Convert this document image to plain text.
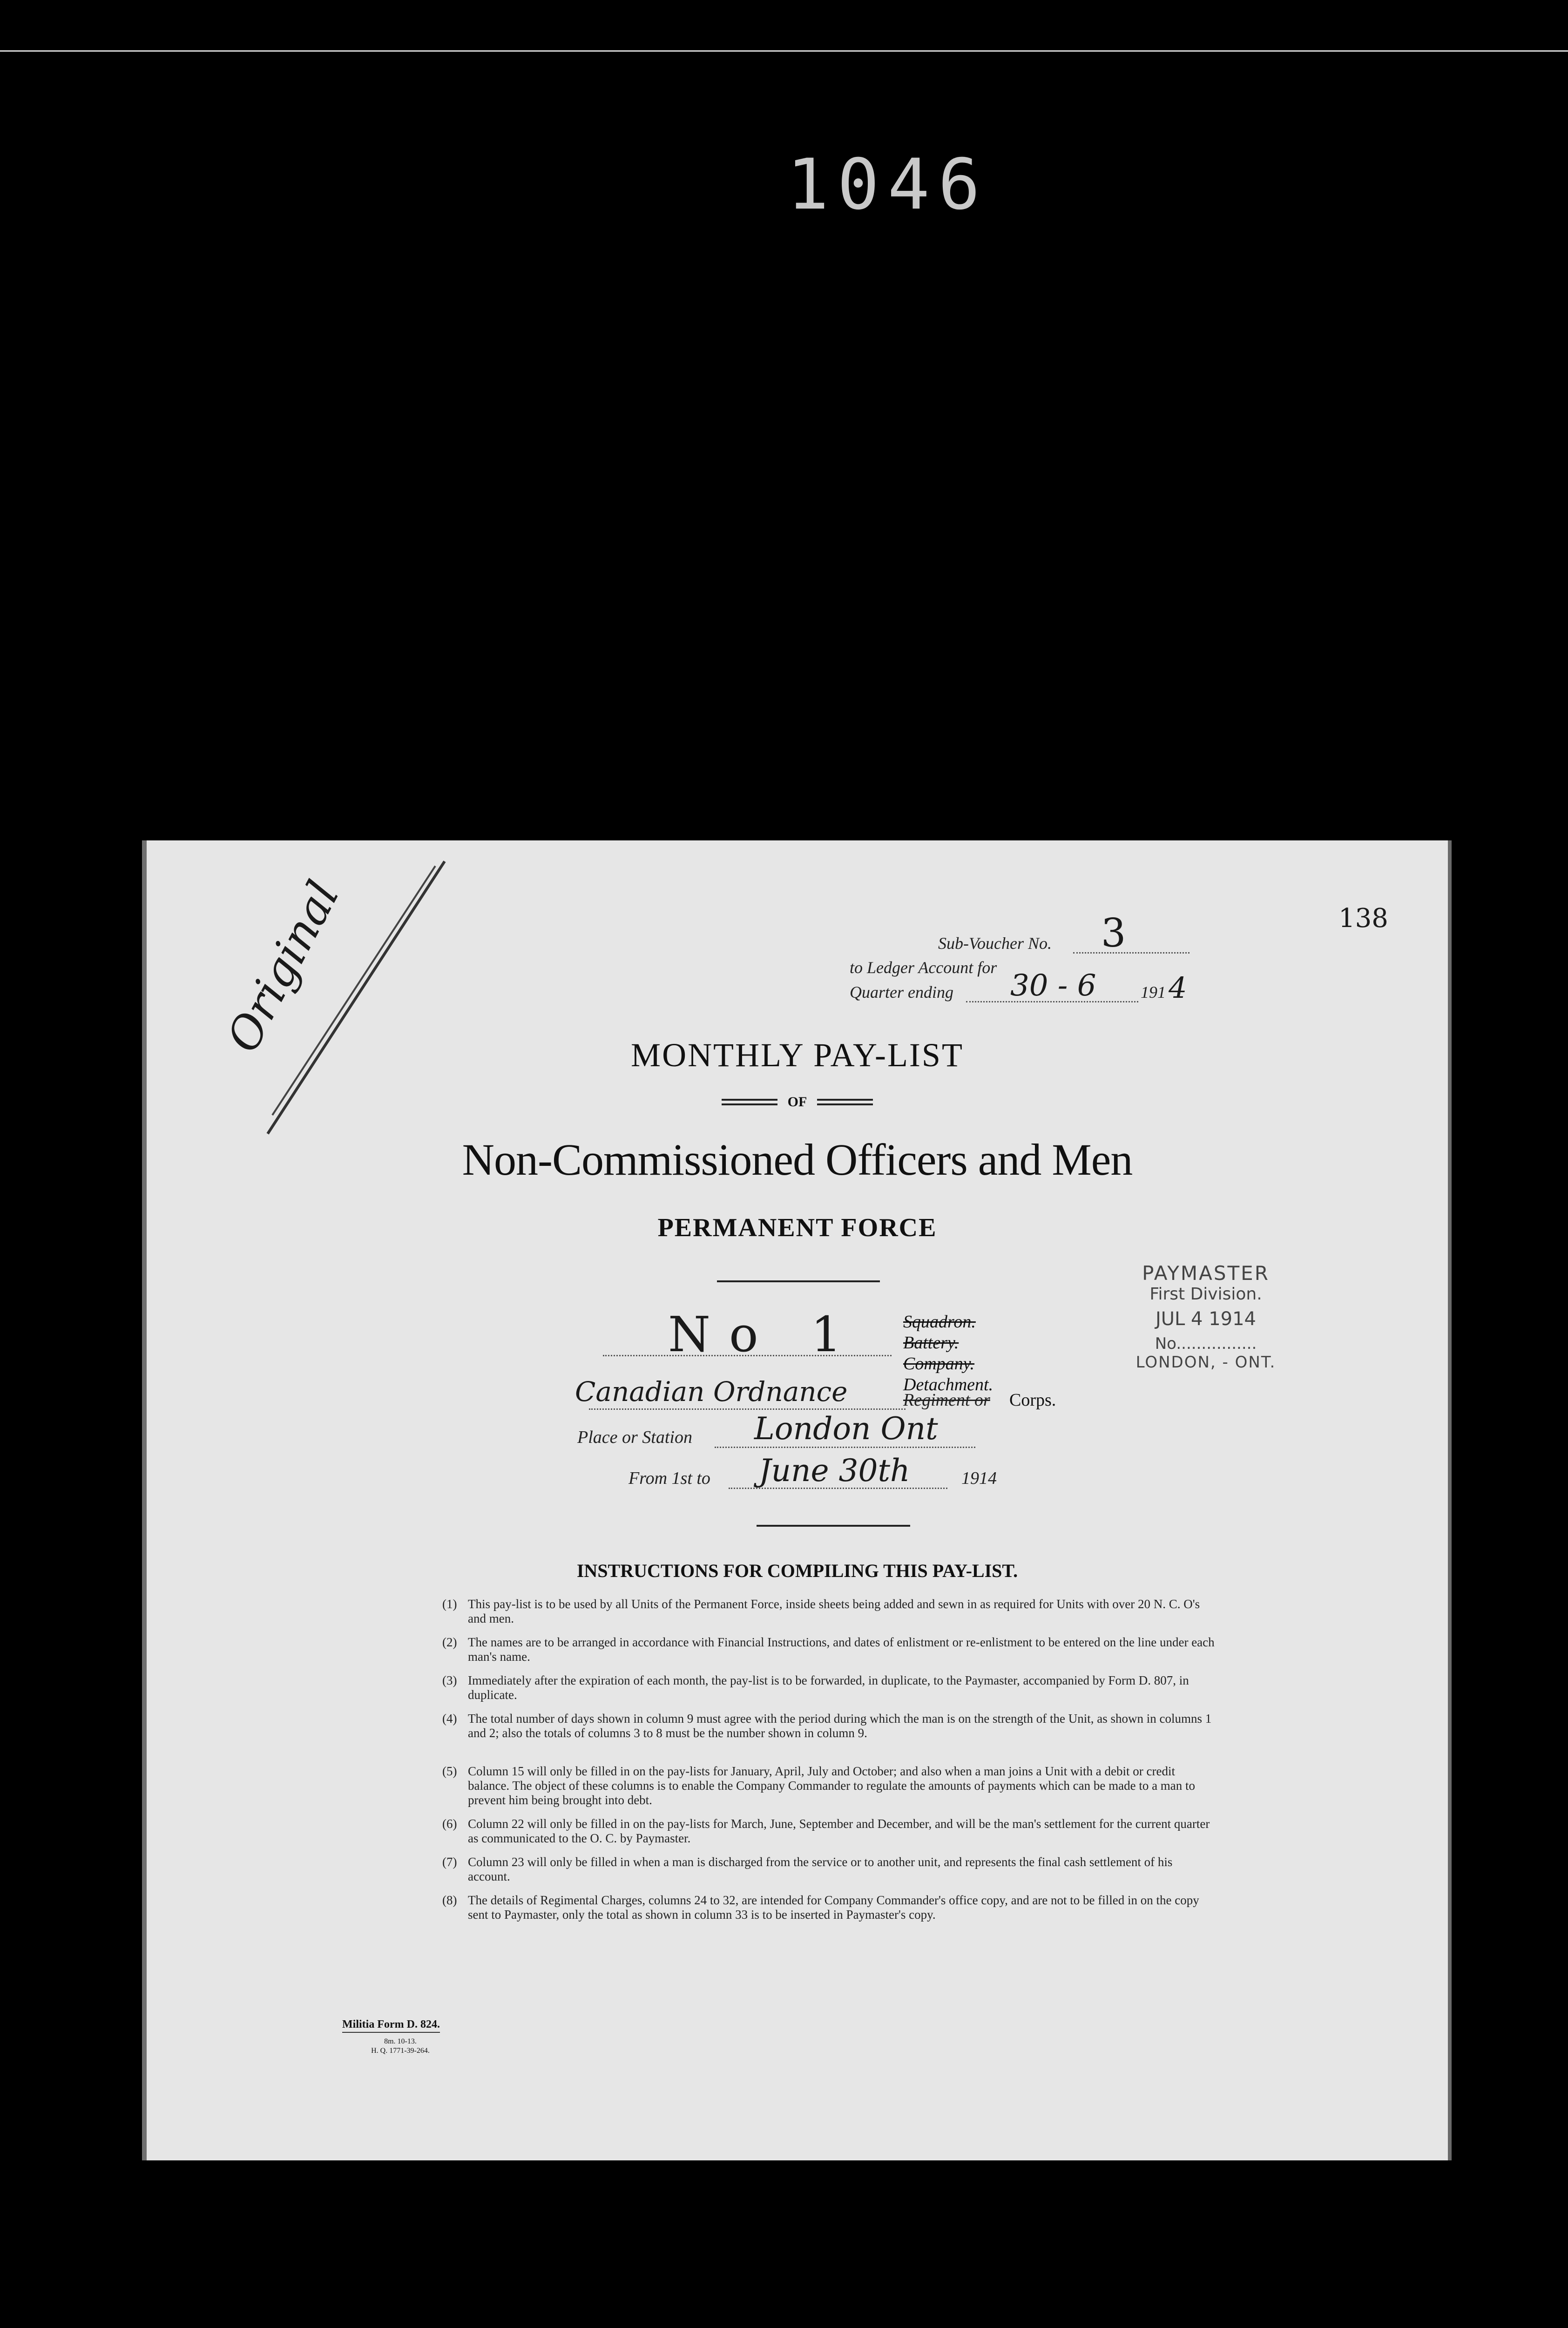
1046
Original	138
Sub-Voucher No. 3
to Ledger Account for
Quarter ending 30 - 6	191 4
MONTHLY PAY-LIST
OF
Non-Commissioned Officers and Men
PERMANENT FORCE
No 1 Squadron.
Battery.
Company.
Detachment.
Canadian Ordnance	Regiment or Corps.
Place or Station London Ont
From 1st to June 30th	1914
PAYMASTER
First Division.
JUL 4 1914
No................
LONDON, - ONT.
INSTRUCTIONS FOR COMPILING THIS PAY-LIST.
(1) This pay-list is to be used by all Units of the Permanent Force, inside sheets being added and sewn in as required for Units with over 20 N. C. O's and men.
(2) The names are to be arranged in accordance with Financial Instructions, and dates of enlistment or re-enlistment to be entered on the line under each man's name.
(3) Immediately after the expiration of each month, the pay-list is to be forwarded, in duplicate, to the Paymaster, accompanied by Form D. 807, in duplicate.
(4) The total number of days shown in column 9 must agree with the period during which the man is on the strength of the Unit, as shown in columns 1 and 2; also the totals of columns 3 to 8 must be the number shown in column 9.
(5) Column 15 will only be filled in on the pay-lists for January, April, July and October; and also when a man joins a Unit with a debit or credit balance. The object of these columns is to enable the Company Commander to regulate the amounts of payments which can be made to a man to prevent him being brought into debt.
(6) Column 22 will only be filled in on the pay-lists for March, June, September and December, and will be the man's settlement for the current quarter as communicated to the O. C. by Paymaster.
(7) Column 23 will only be filled in when a man is discharged from the service or to another unit, and represents the final cash settlement of his account.
(8) The details of Regimental Charges, columns 24 to 32, are intended for Company Commander's office copy, and are not to be filled in on the copy sent to Paymaster, only the total as shown in column 33 is to be inserted in Paymaster's copy.
Militia Form D. 824.
8m. 10-13.
H. Q. 1771-39-264.
